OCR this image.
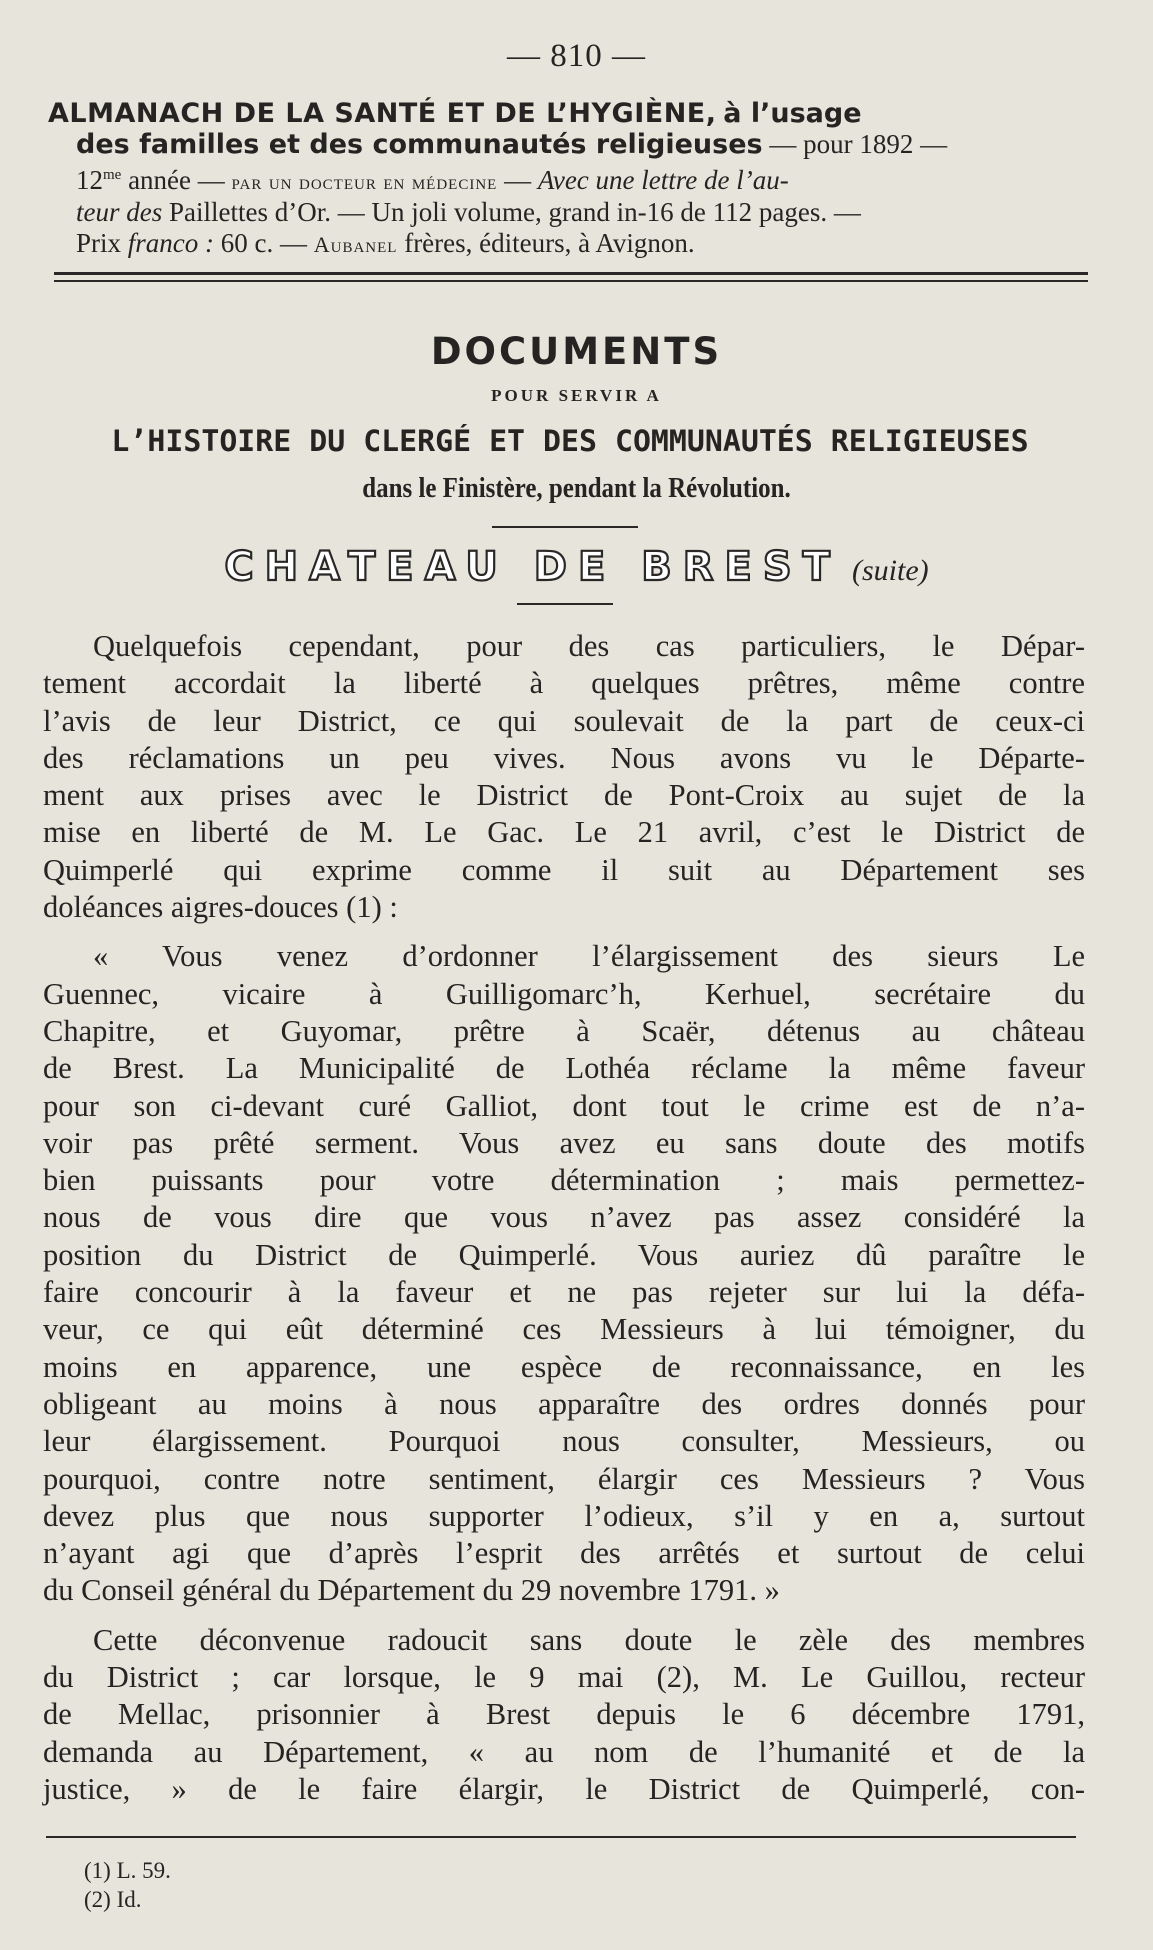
— 810 —
ALMANACH DE LA SANTÉ ET DE L’HYGIÈNE, à l’usage
des familles et des communautés religieuses — pour 1892 —
$12^{me}$ année — par un docteur en médecine — Avec une lettre de l’au-
teur des Paillettes d’Or. — Un joli volume, grand in-16 de 112 pages. —
Prix franco : 60 c. — Aubanel frères, éditeurs, à Avignon.
DOCUMENTS
POUR SERVIR A
L’HISTOIRE DU CLERGÉ ET DES COMMUNAUTÉS RELIGIEUSES
dans le Finistère, pendant la Révolution.
CHATEAU DE BREST (suite)
Quelquefois cependant, pour des cas particuliers, le Dépar-
tement accordait la liberté à quelques prêtres, même contre
l’avis de leur District, ce qui soulevait de la part de ceux-ci
des réclamations un peu vives. Nous avons vu le Départe-
ment aux prises avec le District de Pont-Croix au sujet de la
mise en liberté de M. Le Gac. Le 21 avril, c’est le District de
Quimperlé qui exprime comme il suit au Département ses
doléances aigres-douces (1) :
« Vous venez d’ordonner l’élargissement des sieurs Le
Guennec, vicaire à Guilligomarc’h, Kerhuel, secrétaire du
Chapitre, et Guyomar, prêtre à Scaër, détenus au château
de Brest. La Municipalité de Lothéa réclame la même faveur
pour son ci-devant curé Galliot, dont tout le crime est de n’a-
voir pas prêté serment. Vous avez eu sans doute des motifs
bien puissants pour votre détermination ; mais permettez-
nous de vous dire que vous n’avez pas assez considéré la
position du District de Quimperlé. Vous auriez dû paraître le
faire concourir à la faveur et ne pas rejeter sur lui la défa-
veur, ce qui eût déterminé ces Messieurs à lui témoigner, du
moins en apparence, une espèce de reconnaissance, en les
obligeant au moins à nous apparaître des ordres donnés pour
leur élargissement. Pourquoi nous consulter, Messieurs, ou
pourquoi, contre notre sentiment, élargir ces Messieurs ? Vous
devez plus que nous supporter l’odieux, s’il y en a, surtout
n’ayant agi que d’après l’esprit des arrêtés et surtout de celui
du Conseil général du Département du 29 novembre 1791. »
Cette déconvenue radoucit sans doute le zèle des membres
du District ; car lorsque, le 9 mai (2), M. Le Guillou, recteur
de Mellac, prisonnier à Brest depuis le 6 décembre 1791,
demanda au Département, « au nom de l’humanité et de la
justice, » de le faire élargir, le District de Quimperlé, con-
(1) L. 59.
(2) Id.
